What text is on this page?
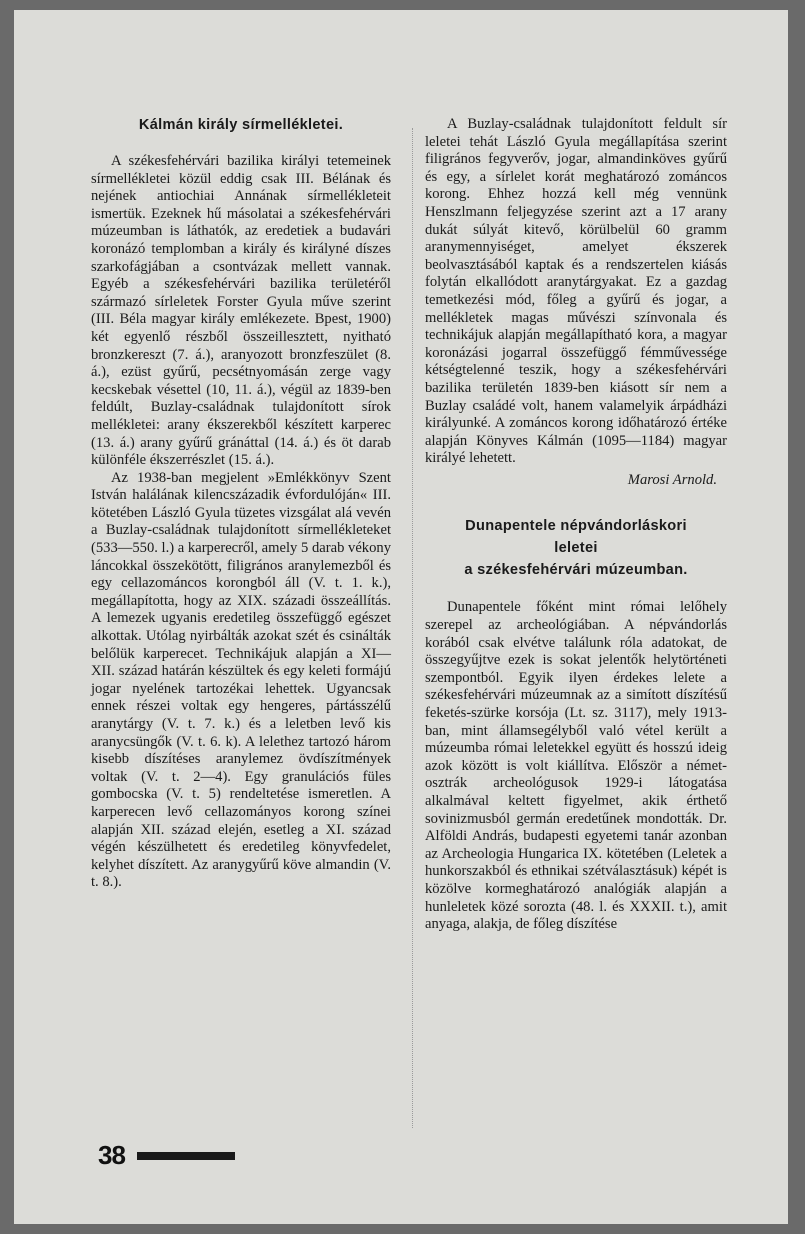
Kálmán király sírmellékletei.

A székesfehérvári bazilika királyi tetemeinek sírmellékletei közül eddig csak III. Bélának és nejének antiochiai Annának sírmellékleteit ismertük. Ezeknek hű másolatai a székesfehérvári múzeumban is láthatók, az eredetiek a budavári koronázó templomban a király és királyné díszes szarkofágjában a csontvázak mellett vannak. Egyéb a székesfehérvári bazilika területéről származó sírleletek Forster Gyula műve szerint (III. Béla magyar király emlékezete. Bpest, 1900) két egyenlő részből összeillesztett, nyitható bronzkereszt (7. á.), aranyozott bronzfeszület (8. á.), ezüst gyűrű, pecsétnyomásán zerge vagy kecskebak vésettel (10, 11. á.), végül az 1839-ben feldúlt, Buzlay-családnak tulajdonított sírok mellékletei: arany ékszerekből készített karperec (13. á.) arany gyűrű gránáttal (14. á.) és öt darab különféle ékszerrészlet (15. á.).

Az 1938-ban megjelent »Emlékkönyv Szent István halálának kilencszázadik évfordulóján« III. kötetében László Gyula tüzetes vizsgálat alá vevén a Buzlay-családnak tulajdonított sírmellékleteket (533—550. l.) a karperecről, amely 5 darab vékony láncokkal összekötött, filigrános aranylemezből és egy cellazománcos korongból áll (V. t. 1. k.), megállapította, hogy az XIX. századi összeállítás. A lemezek ugyanis eredetileg összefüggő egészet alkottak. Utólag nyirbálták azokat szét és csinálták belőlük karperecet. Technikájuk alapján a XI—XII. század határán készültek és egy keleti formájú jogar nyelének tartozékai lehettek. Ugyancsak ennek részei voltak egy hengeres, pártásszélű aranytárgy (V. t. 7. k.) és a leletben levő kis aranycsüngők (V. t. 6. k). A lelethez tartozó három kisebb díszítéses aranylemez övdíszítmények voltak (V. t. 2—4). Egy granulációs füles gombocska (V. t. 5) rendeltetése ismeretlen. A karperecen levő cellazományos korong színei alapján XII. század elején, esetleg a XI. század végén készülhetett és eredetileg könyvfedelet, kelyhet díszített. Az aranygyűrű köve almandin (V. t. 8.).

A Buzlay-családnak tulajdonított feldult sír leletei tehát László Gyula megállapítása szerint filigrános fegyverőv, jogar, almandinköves gyűrű és egy, a sírlelet korát meghatározó zománcos korong. Ehhez hozzá kell még vennünk Henszlmann feljegyzése szerint azt a 17 arany dukát súlyát kitevő, körülbelül 60 gramm aranymennyiséget, amelyet ékszerek beolvasztásából kaptak és a rendszertelen kiásás folytán elkallódott aranytárgyakat. Ez a gazdag temetkezési mód, főleg a gyűrű és jogar, a mellékletek magas művészi színvonala és technikájuk alapján megállapítható kora, a magyar koronázási jogarral összefüggő fémművessége kétségtelenné teszik, hogy a székesfehérvári bazilika területén 1839-ben kiásott sír nem a Buzlay családé volt, hanem valamelyik árpádházi királyunké. A zománcos korong időhatározó értéke alapján Könyves Kálmán (1095—1184) magyar királyé lehetett.

Marosi Arnold.
Dunapentele népvándorláskori
leletei
a székesfehérvári múzeumban.

Dunapentele főként mint római lelőhely szerepel az archeológiában. A népvándorlás korából csak elvétve találunk róla adatokat, de összegyűjtve ezek is sokat jelentők helytörténeti szempontból. Egyik ilyen érdekes lelete a székesfehérvári múzeumnak az a simított díszítésű feketés-szürke korsója (Lt. sz. 3117), mely 1913-ban, mint államsegélyből való vétel került a múzeumba római leletekkel együtt és hosszú ideig azok között is volt kiállítva. Először a német-osztrák archeológusok 1929-i látogatása alkalmával keltett figyelmet, akik érthető sovinizmusból germán eredetűnek mondották. Dr. Alföldi András, budapesti egyetemi tanár azonban az Archeologia Hungarica IX. kötetében (Leletek a hunkorszakból és ethnikai szétválasztásuk) képét is közölve kormeghatározó analógiák alapján a hunleletek közé sorozta (48. l. és XXXII. t.), amit anyaga, alakja, de főleg díszítése

38
